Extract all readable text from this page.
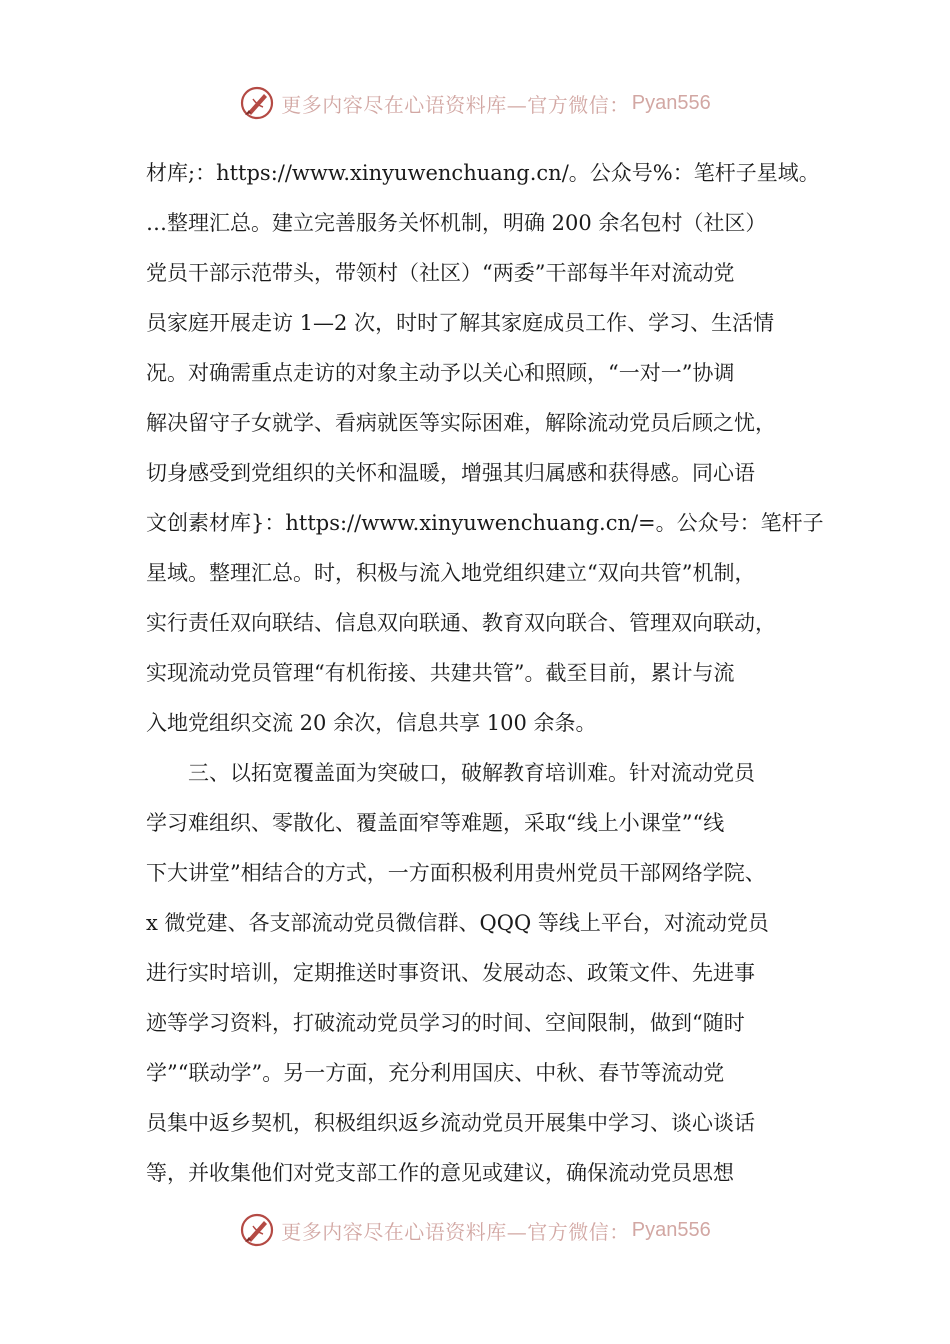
更多内容尽在心语资料库—官方微信： Pyan556
材库;：https://www.xinyuwenchuang.cn/。公众号%：笔杆子星域。
…整理汇总。建立完善服务关怀机制，明确 200 余名包村（社区）
党员干部示范带头，带领村（社区）“两委”干部每半年对流动党
员家庭开展走访 1—2 次，时时了解其家庭成员工作、学习、生活情
况。对确需重点走访的对象主动予以关心和照顾，“一对一”协调
解决留守子女就学、看病就医等实际困难，解除流动党员后顾之忧，
切身感受到党组织的关怀和温暖，增强其归属感和获得感。同心语
文创素材库}：https://www.xinyuwenchuang.cn/=。公众号：笔杆子
星域。整理汇总。时，积极与流入地党组织建立“双向共管”机制，
实行责任双向联结、信息双向联通、教育双向联合、管理双向联动，
实现流动党员管理“有机衔接、共建共管”。截至目前，累计与流
入地党组织交流 20 余次，信息共享 100 余条。
　　三、以拓宽覆盖面为突破口，破解教育培训难。针对流动党员
学习难组织、零散化、覆盖面窄等难题，采取“线上小课堂”“线
下大讲堂”相结合的方式，一方面积极利用贵州党员干部网络学院、
x 微党建、各支部流动党员微信群、QQQ 等线上平台，对流动党员
进行实时培训，定期推送时事资讯、发展动态、政策文件、先进事
迹等学习资料，打破流动党员学习的时间、空间限制，做到“随时
学”“联动学”。另一方面，充分利用国庆、中秋、春节等流动党
员集中返乡契机，积极组织返乡流动党员开展集中学习、谈心谈话
等，并收集他们对党支部工作的意见或建议，确保流动党员思想
更多内容尽在心语资料库—官方微信： Pyan556
